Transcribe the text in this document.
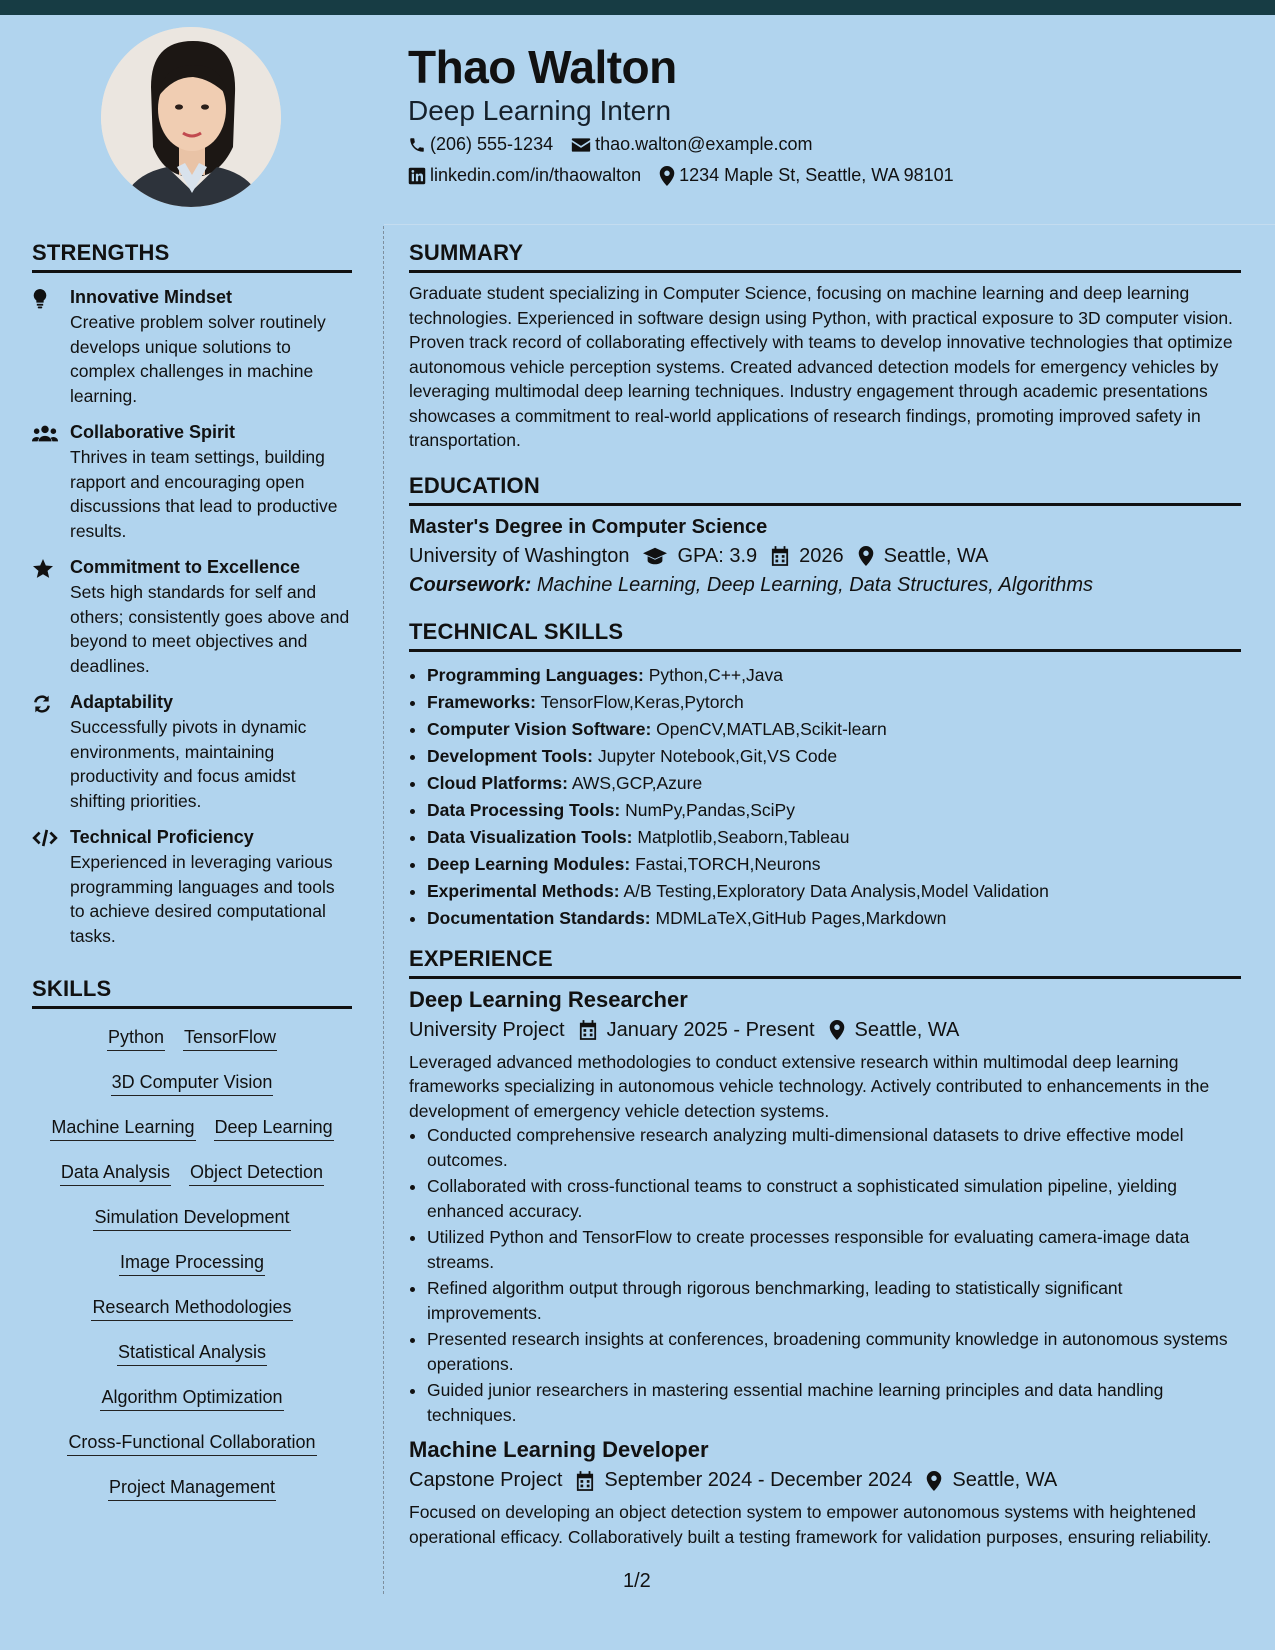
Thao Walton
Deep Learning Intern
(206) 555-1234 thao.walton@example.com
linkedin.com/in/thaowalton 1234 Maple St, Seattle, WA 98101
STRENGTHS
Innovative Mindset
Creative problem solver routinely develops unique solutions to complex challenges in machine learning.
Collaborative Spirit
Thrives in team settings, building rapport and encouraging open discussions that lead to productive results.
Commitment to Excellence
Sets high standards for self and others; consistently goes above and beyond to meet objectives and deadlines.
Adaptability
Successfully pivots in dynamic environments, maintaining productivity and focus amidst shifting priorities.
Technical Proficiency
Experienced in leveraging various programming languages and tools to achieve desired computational tasks.
SKILLS
Python TensorFlow
3D Computer Vision
Machine Learning Deep Learning
Data Analysis Object Detection
Simulation Development
Image Processing
Research Methodologies
Statistical Analysis
Algorithm Optimization
Cross-Functional Collaboration
Project Management
SUMMARY
Graduate student specializing in Computer Science, focusing on machine learning and deep learning technologies. Experienced in software design using Python, with practical exposure to 3D computer vision. Proven track record of collaborating effectively with teams to develop innovative technologies that optimize autonomous vehicle perception systems. Created advanced detection models for emergency vehicles by leveraging multimodal deep learning techniques. Industry engagement through academic presentations showcases a commitment to real-world applications of research findings, promoting improved safety in transportation.
EDUCATION
Master's Degree in Computer Science
University of Washington GPA: 3.9 2026 Seattle, WA
Coursework: Machine Learning, Deep Learning, Data Structures, Algorithms
TECHNICAL SKILLS
• Programming Languages: Python,C++,Java
• Frameworks: TensorFlow,Keras,Pytorch
• Computer Vision Software: OpenCV,MATLAB,Scikit-learn
• Development Tools: Jupyter Notebook,Git,VS Code
• Cloud Platforms: AWS,GCP,Azure
• Data Processing Tools: NumPy,Pandas,SciPy
• Data Visualization Tools: Matplotlib,Seaborn,Tableau
• Deep Learning Modules: Fastai,TORCH,Neurons
• Experimental Methods: A/B Testing,Exploratory Data Analysis,Model Validation
• Documentation Standards: MDMLaTeX,GitHub Pages,Markdown
EXPERIENCE
Deep Learning Researcher
University Project January 2025 - Present Seattle, WA
Leveraged advanced methodologies to conduct extensive research within multimodal deep learning frameworks specializing in autonomous vehicle technology. Actively contributed to enhancements in the development of emergency vehicle detection systems.
• Conducted comprehensive research analyzing multi-dimensional datasets to drive effective model outcomes.
• Collaborated with cross-functional teams to construct a sophisticated simulation pipeline, yielding enhanced accuracy.
• Utilized Python and TensorFlow to create processes responsible for evaluating camera-image data streams.
• Refined algorithm output through rigorous benchmarking, leading to statistically significant improvements.
• Presented research insights at conferences, broadening community knowledge in autonomous systems operations.
• Guided junior researchers in mastering essential machine learning principles and data handling techniques.
Machine Learning Developer
Capstone Project September 2024 - December 2024 Seattle, WA
Focused on developing an object detection system to empower autonomous systems with heightened operational efficacy. Collaboratively built a testing framework for validation purposes, ensuring reliability.
1/2
